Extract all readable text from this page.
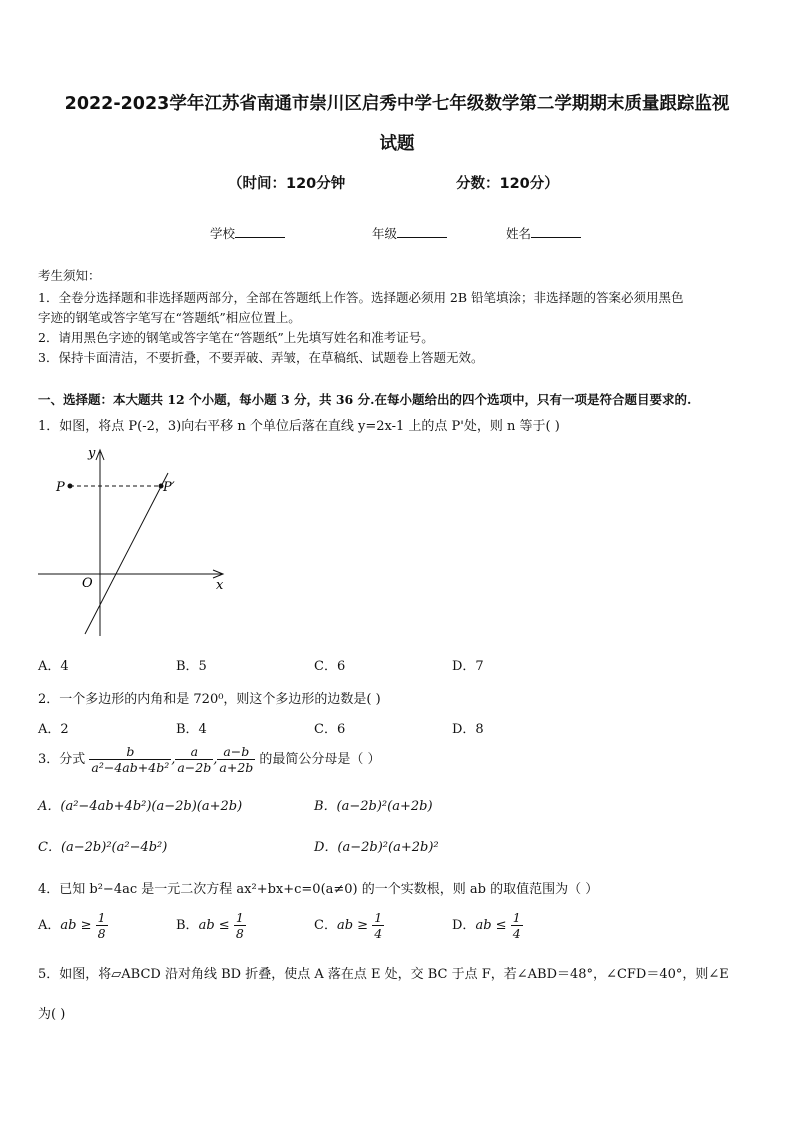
2022-2023学年江苏省南通市崇川区启秀中学七年级数学第二学期期末质量跟踪监视
试题
（时间：120分钟	分数：120分）
学校	年级	姓名
考生须知：
1．全卷分选择题和非选择题两部分，全部在答题纸上作答。选择题必须用 2B 铅笔填涂；非选择题的答案必须用黑色
字迹的钢笔或答字笔写在“答题纸”相应位置上。
2．请用黑色字迹的钢笔或答字笔在“答题纸”上先填写姓名和准考证号。
3．保持卡面清洁，不要折叠，不要弄破、弄皱，在草稿纸、试题卷上答题无效。
一、选择题：本大题共 12 个小题，每小题 3 分，共 36 分.在每小题给出的四个选项中，只有一项是符合题目要求的.
1．如图，将点 P(-2，3)向右平移 n 个单位后落在直线 y=2x-1 上的点 P'处，则 n 等于( )
y
x
O
P	P′
A．4	B．5	C．6	D．7
2．一个多边形的内角和是 720⁰，则这个多边形的边数是( )
A．2	B．4	C．6	D．8
3．分式 $\frac{b}{\text{a²−4ab+4b²}}$ , $\frac{a}{a-2b}$ , $\frac{a-b}{a+2b}$ 的最简公分母是（ ）
A．(a²−4ab+4b²)(a−2b)(a+2b)	B．(a−2b)²(a+2b)
C．(a−2b)²(a²−4b²)	D．(a−2b)²(a+2b)²
4．已知 b²−4ac 是一元二次方程 ax²+bx+c=0(a≠0) 的一个实数根，则 ab 的取值范围为（ ）
A．ab ≥ $\frac{1}{8}$	B．ab ≤ $\frac{1}{8}$	C．ab ≥ $\frac{1}{4}$	D．ab ≤ $\frac{1}{4}$
5．如图，将▱ABCD 沿对角线 BD 折叠，使点 A 落在点 E 处，交 BC 于点 F，若∠ABD＝48°，∠CFD＝40°，则∠E
为( )
